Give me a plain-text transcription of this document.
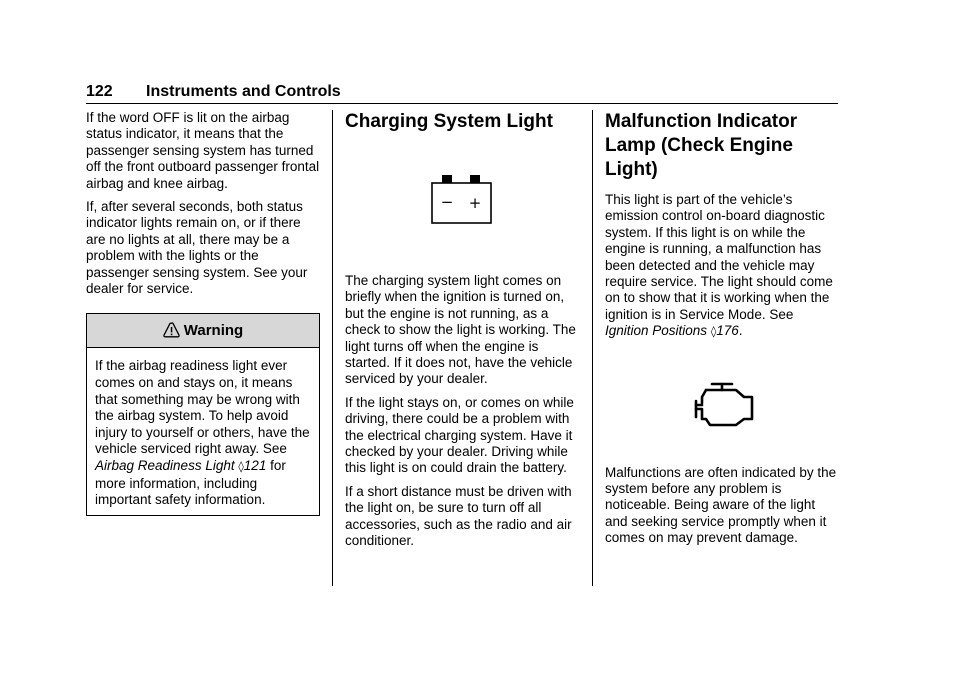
122 Instruments and Controls

If the word OFF is lit on the airbag status indicator, it means that the passenger sensing system has turned off the front outboard passenger frontal airbag and knee airbag.

If, after several seconds, both status indicator lights remain on, or if there are no lights at all, there may be a problem with the lights or the passenger sensing system. See your dealer for service.

Warning
If the airbag readiness light ever comes on and stays on, it means that something may be wrong with the airbag system. To help avoid injury to yourself or others, have the vehicle serviced right away. See Airbag Readiness Light ◊121 for more information, including important safety information.
Charging System Light
− +

The charging system light comes on briefly when the ignition is turned on, but the engine is not running, as a check to show the light is working. The light turns off when the engine is started. If it does not, have the vehicle serviced by your dealer.

If the light stays on, or comes on while driving, there could be a problem with the electrical charging system. Have it checked by your dealer. Driving while this light is on could drain the battery.

If a short distance must be driven with the light on, be sure to turn off all accessories, such as the radio and air conditioner.

Malfunction Indicator Lamp (Check Engine Light)

This light is part of the vehicle’s emission control on-board diagnostic system. If this light is on while the engine is running, a malfunction has been detected and the vehicle may require service. The light should come on to show that it is working when the ignition is in Service Mode. See Ignition Positions ◊176.

Malfunctions are often indicated by the system before any problem is noticeable. Being aware of the light and seeking service promptly when it comes on may prevent damage.
